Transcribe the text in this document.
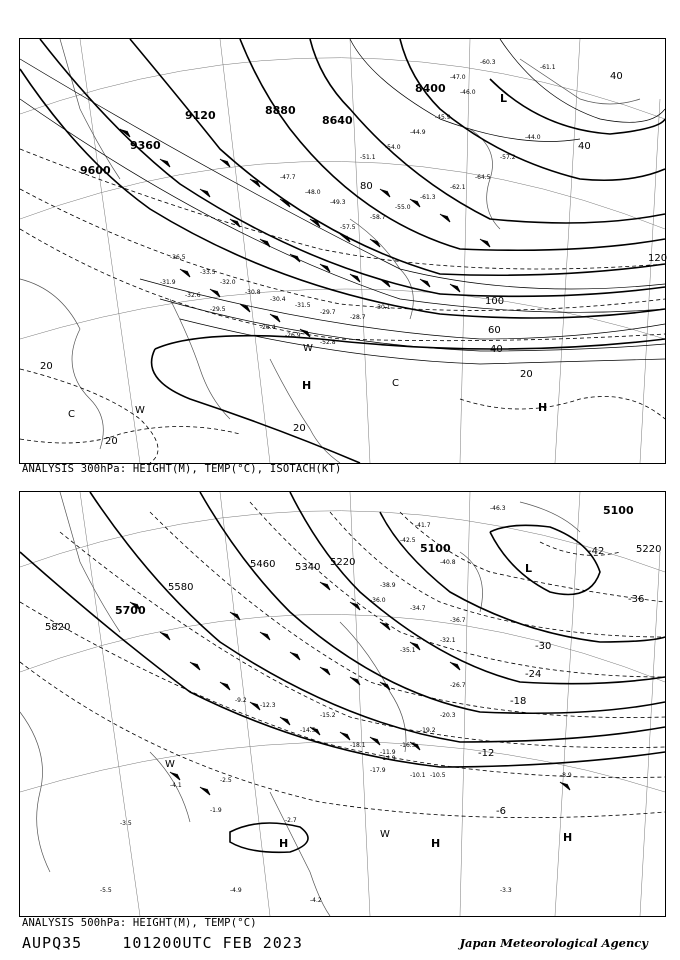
9600
9360
9120	8880
8640
8400
20
40
60
80
100
120
20
20
20
40
40
L
H
H
W
W
C
C
-36.5
-33.5
-32.0
-30.8
-30.4
-31.5
-29.7
-28.7
-30.1
-31.9
-32.6
-29.5
-28.4
-26.9
-52.8
-57.5
-58.7
-55.0
-61.3
-62.1
-64.5
-57.2
-44.0
-47.0
-46.0
-60.3
-61.1
-47.7
-48.0
-49.3
-51.1
-54.0
-44.9
-45.9
ANALYSIS 300hPa: HEIGHT(M), TEMP(°C), ISOTACH(KT)
5820
5700
5580
5460 5340 5220
5220
5100
5100
-6
-12
-18
-24
-30
-36
-42
L
H	H	H
W
W
-46.3
-41.7
-42.5
-40.8
-38.9
-36.0
-34.7
-36.7
-32.1
-35.1
-26.7
-20.3
-19.2
-16.5
-14.9
-18.1
-17.9
-10.5	-8.9
-4.1
-2.7
-3.3
-2.5
-1.9
-3.5
-5.5	-4.9
-4.2
-11.9
-10.1
-15.2
-14.5
-12.3
-9.2
ANALYSIS 500hPa: HEIGHT(M), TEMP(°C)
AUPQ35	101200UTC FEB 2023	Japan Meteorological Agency
